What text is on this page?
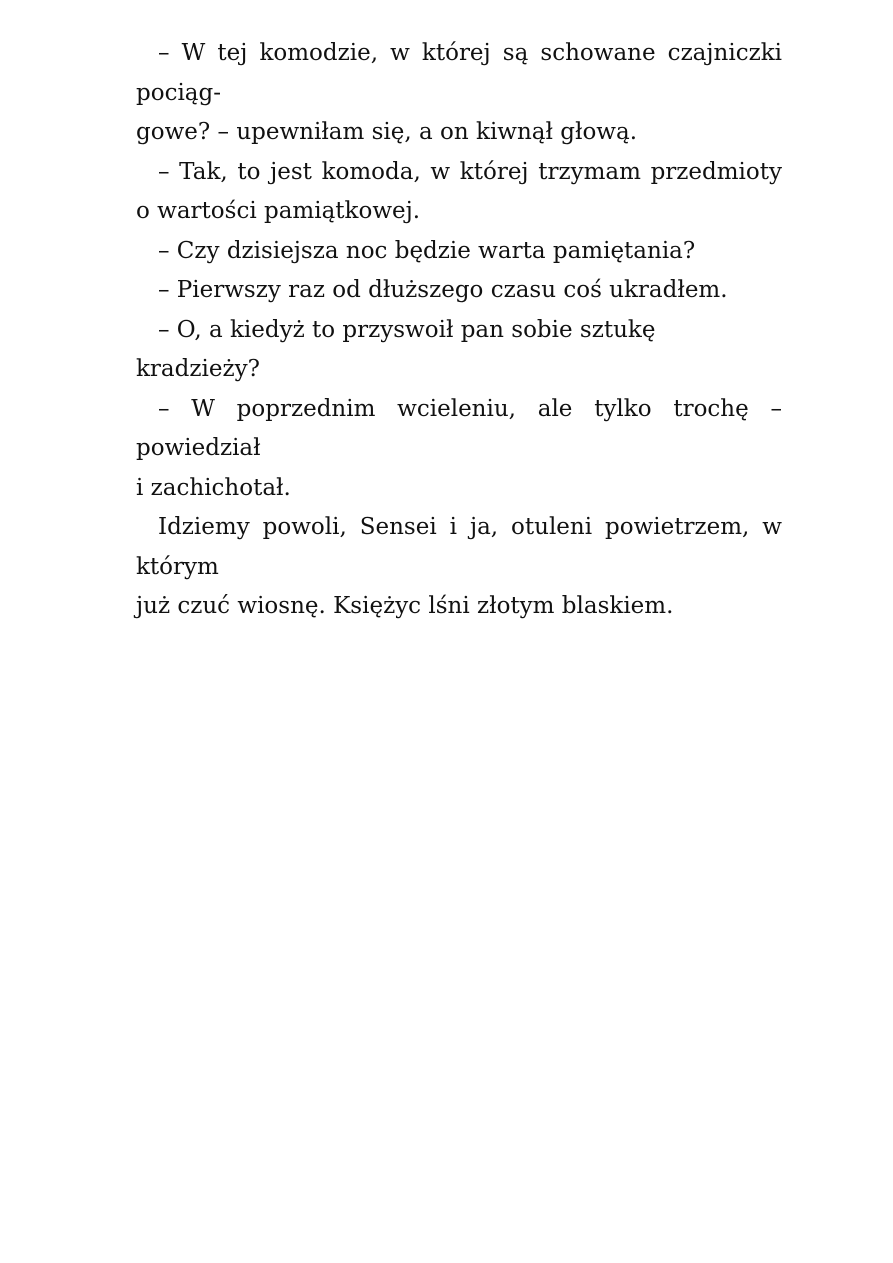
– W tej komodzie, w której są schowane czajniczki pociąg-
gowe? – upewniłam się, a on kiwnął głową.

– Tak, to jest komoda, w której trzymam przedmioty
o wartości pamiątkowej.

– Czy dzisiejsza noc będzie warta pamiętania?

– Pierwszy raz od dłuższego czasu coś ukradłem.

– O, a kiedyż to przyswoił pan sobie sztukę kradzieży?

– W poprzednim wcieleniu, ale tylko trochę – powiedział
i zachichotał.

Idziemy powoli, Sensei i ja, otuleni powietrzem, w którym
już czuć wiosnę. Księżyc lśni złotym blaskiem.
